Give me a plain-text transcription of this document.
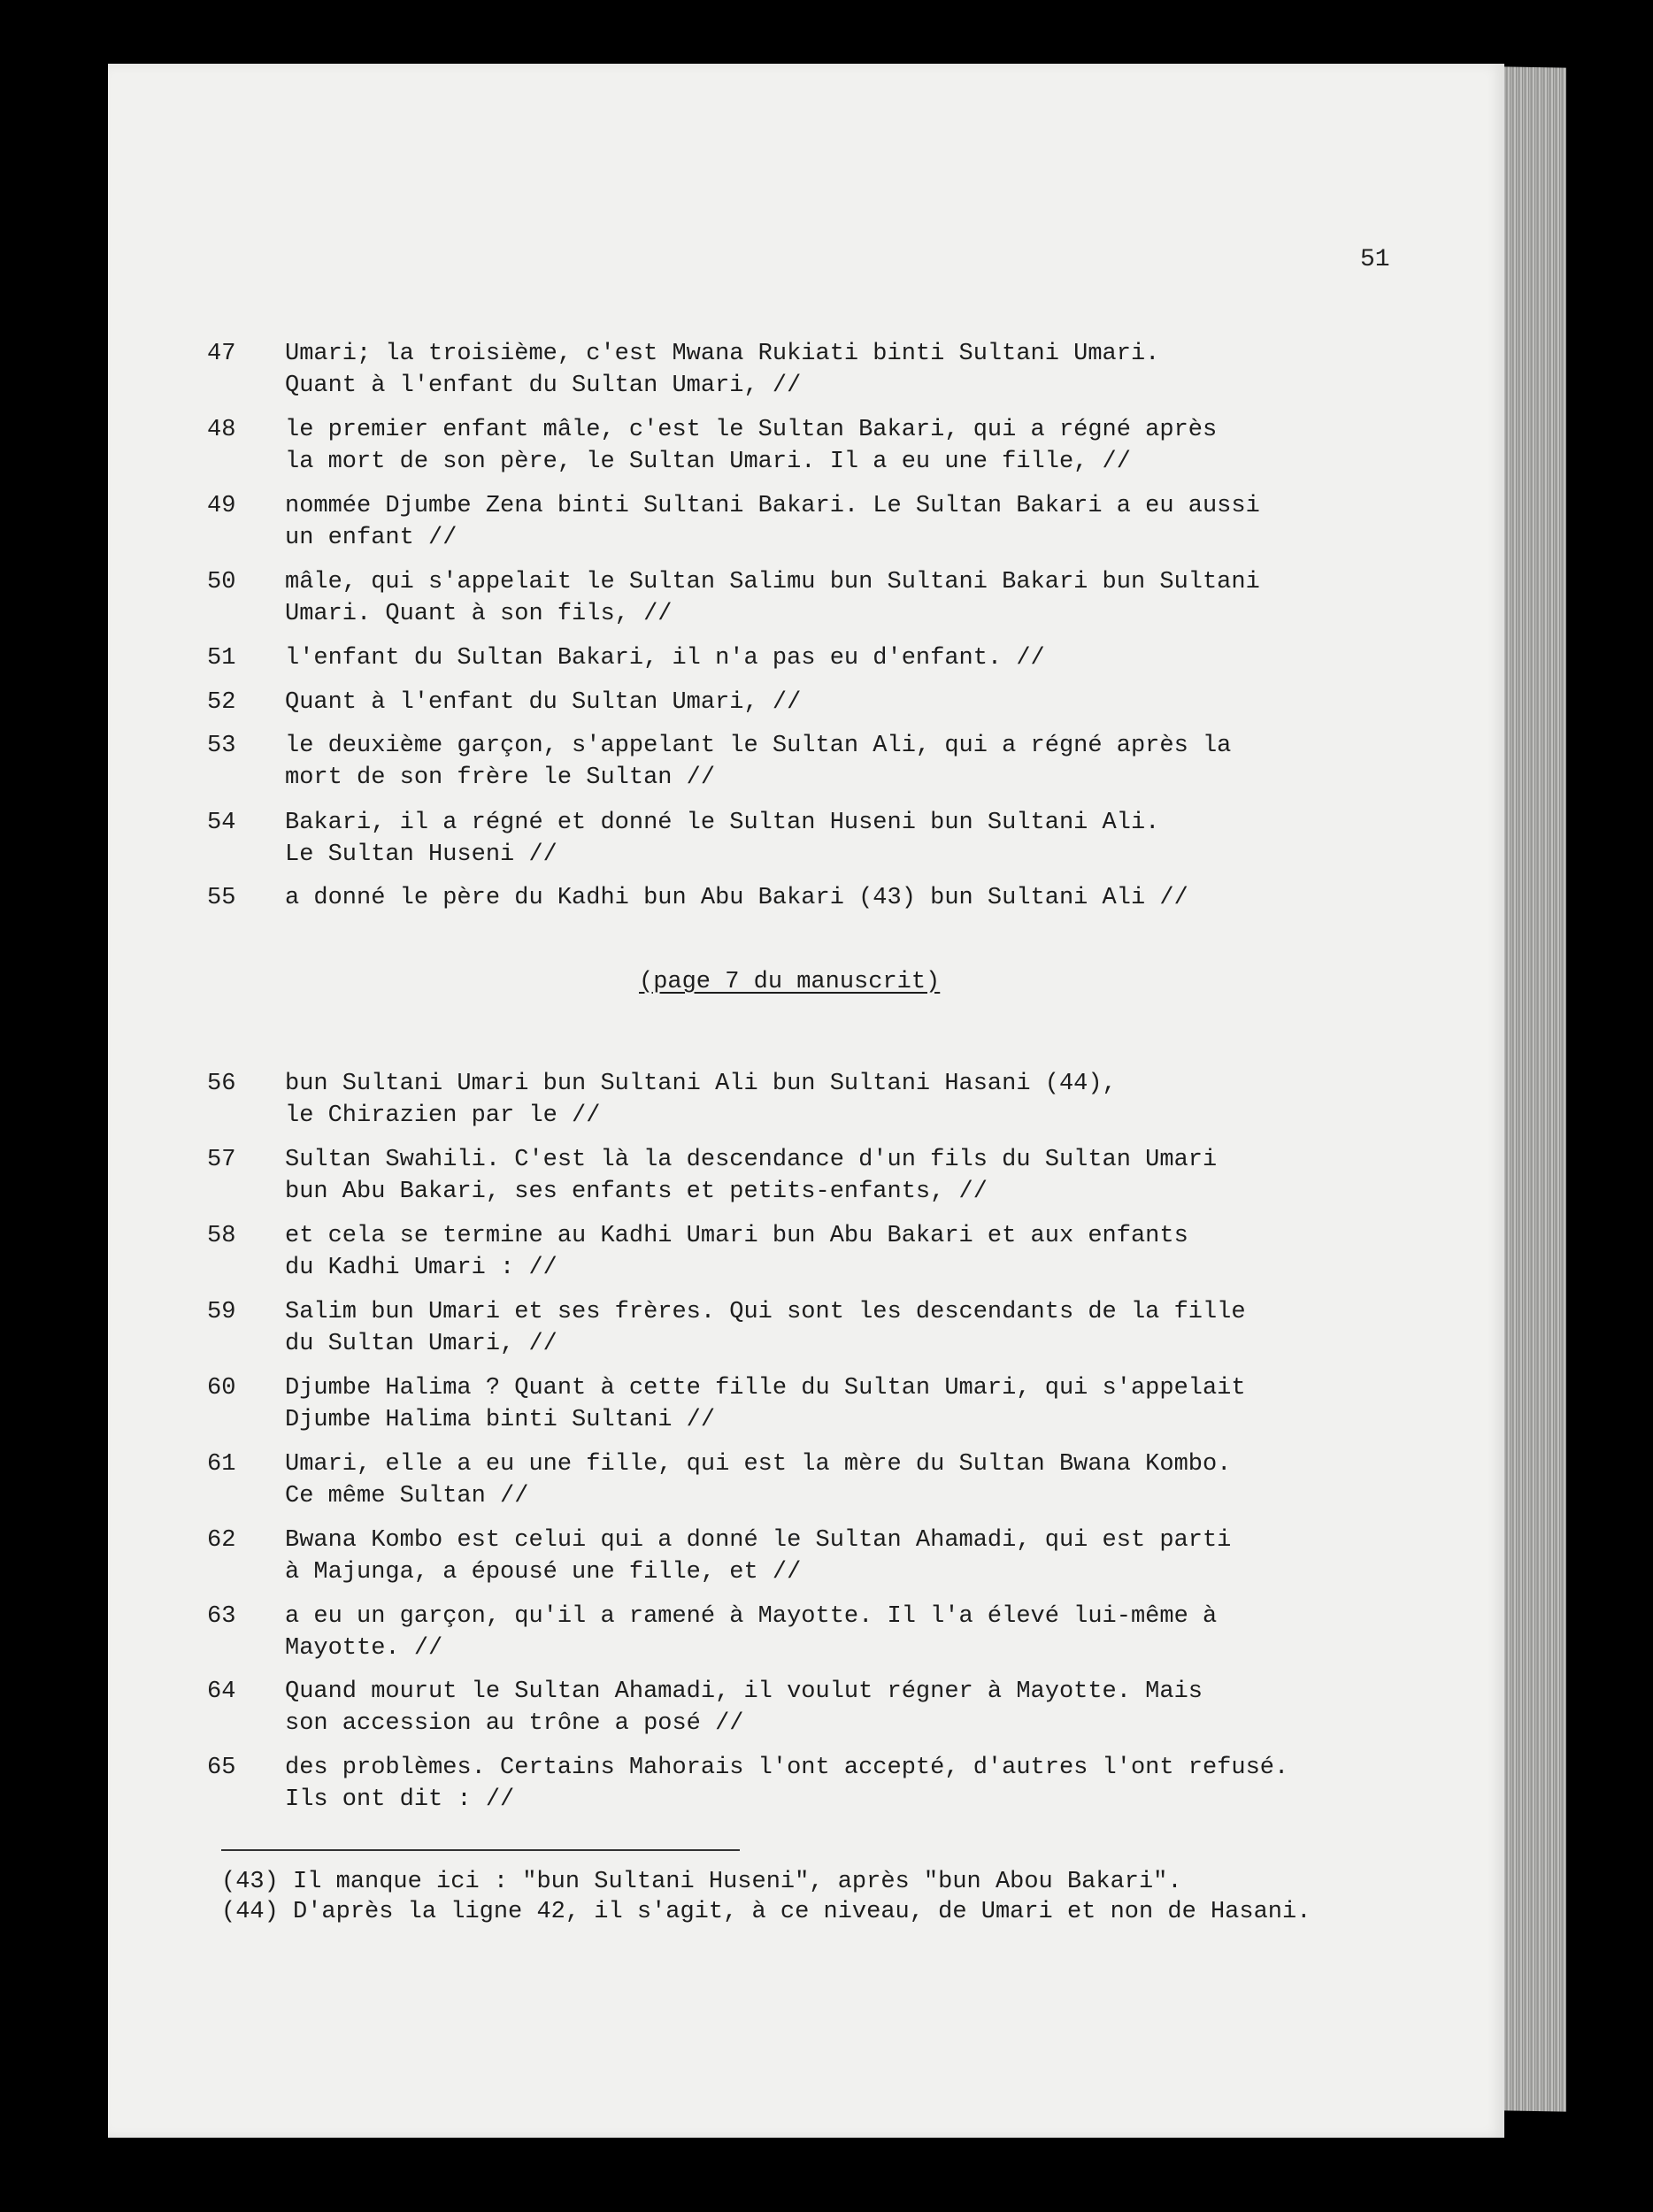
51
47	Umari; la troisième, c'est Mwana Rukiati binti Sultani Umari.
Quant à l'enfant du Sultan Umari, //
48	le premier enfant mâle, c'est le Sultan Bakari, qui a régné après
la mort de son père, le Sultan Umari. Il a eu une fille, //
49	nommée Djumbe Zena binti Sultani Bakari. Le Sultan Bakari a eu aussi
un enfant //
50	mâle, qui s'appelait le Sultan Salimu bun Sultani Bakari bun Sultani
Umari. Quant à son fils, //
51	l'enfant du Sultan Bakari, il n'a pas eu d'enfant. //
52	Quant à l'enfant du Sultan Umari, //
53	le deuxième garçon, s'appelant le Sultan Ali, qui a régné après la
mort de son frère le Sultan //
54	Bakari, il a régné et donné le Sultan Huseni bun Sultani Ali.
Le Sultan Huseni //
55	a donné le père du Kadhi bun Abu Bakari (43) bun Sultani Ali //
(page 7 du manuscrit)
56	bun Sultani Umari bun Sultani Ali bun Sultani Hasani (44),
le Chirazien par le //
57	Sultan Swahili. C'est là la descendance d'un fils du Sultan Umari
bun Abu Bakari, ses enfants et petits-enfants, //
58	et cela se termine au Kadhi Umari bun Abu Bakari et aux enfants
du Kadhi Umari : //
59	Salim bun Umari et ses frères. Qui sont les descendants de la fille
du Sultan Umari, //
60	Djumbe Halima ? Quant à cette fille du Sultan Umari, qui s'appelait
Djumbe Halima binti Sultani //
61	Umari, elle a eu une fille, qui est la mère du Sultan Bwana Kombo.
Ce même Sultan //
62	Bwana Kombo est celui qui a donné le Sultan Ahamadi, qui est parti
à Majunga, a épousé une fille, et //
63	a eu un garçon, qu'il a ramené à Mayotte. Il l'a élevé lui-même à
Mayotte. //
64	Quand mourut le Sultan Ahamadi, il voulut régner à Mayotte. Mais
son accession au trône a posé //
65	des problèmes. Certains Mahorais l'ont accepté, d'autres l'ont refusé.
Ils ont dit : //
(43) Il manque ici : "bun Sultani Huseni", après "bun Abou Bakari".
(44) D'après la ligne 42, il s'agit, à ce niveau, de Umari et non de Hasani.
